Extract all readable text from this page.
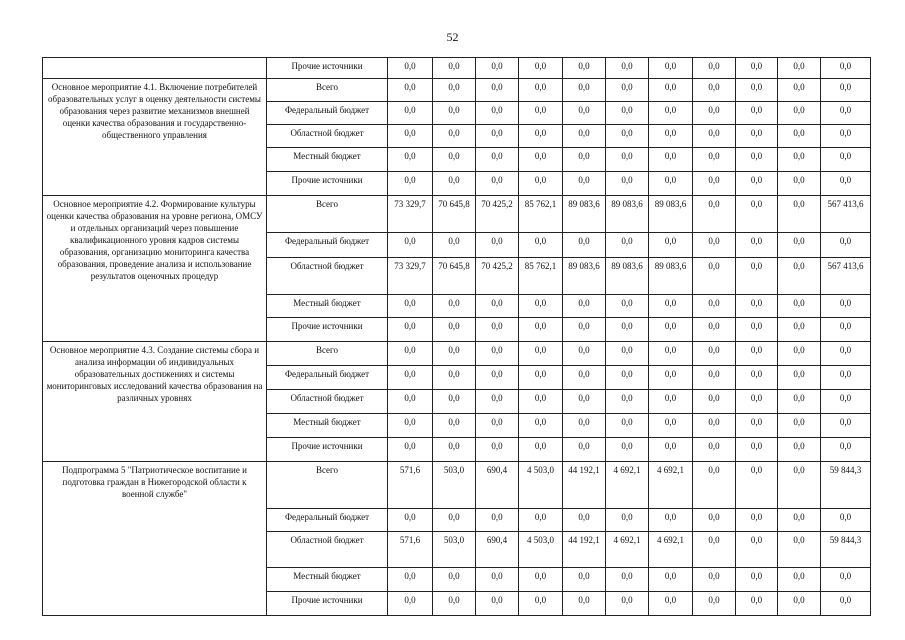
52
	Прочие источники	0,0	0,0	0,0	0,0	0,0	0,0	0,0	0,0	0,0	0,0	0,0
Основное мероприятие 4.1. Включение потребителей образовательных услуг в оценку деятельности системы образования через развитие механизмов внешней оценки качества образования и государственно-общественного управления	Всего	0,0	0,0	0,0	0,0	0,0	0,0	0,0	0,0	0,0	0,0	0,0
	Федеральный бюджет	0,0	0,0	0,0	0,0	0,0	0,0	0,0	0,0	0,0	0,0	0,0
	Областной бюджет	0,0	0,0	0,0	0,0	0,0	0,0	0,0	0,0	0,0	0,0	0,0
	Местный бюджет	0,0	0,0	0,0	0,0	0,0	0,0	0,0	0,0	0,0	0,0	0,0
	Прочие источники	0,0	0,0	0,0	0,0	0,0	0,0	0,0	0,0	0,0	0,0	0,0
Основное мероприятие 4.2. Формирование культуры оценки качества образования на уровне региона, ОМСУ и отдельных организаций через повышение квалификационного уровня кадров системы образования, организацию мониторинга качества образования, проведение анализа и использование результатов оценочных процедур	Всего	73 329,7	70 645,8	70 425,2	85 762,1	89 083,6	89 083,6	89 083,6	0,0	0,0	0,0	567 413,6
	Федеральный бюджет	0,0	0,0	0,0	0,0	0,0	0,0	0,0	0,0	0,0	0,0	0,0
	Областной бюджет	73 329,7	70 645,8	70 425,2	85 762,1	89 083,6	89 083,6	89 083,6	0,0	0,0	0,0	567 413,6
	Местный бюджет	0,0	0,0	0,0	0,0	0,0	0,0	0,0	0,0	0,0	0,0	0,0
	Прочие источники	0,0	0,0	0,0	0,0	0,0	0,0	0,0	0,0	0,0	0,0	0,0
Основное мероприятие 4.3. Создание системы сбора и анализа информации об индивидуальных образовательных достижениях и системы мониторинговых исследований качества образования на различных уровнях	Всего	0,0	0,0	0,0	0,0	0,0	0,0	0,0	0,0	0,0	0,0	0,0
	Федеральный бюджет	0,0	0,0	0,0	0,0	0,0	0,0	0,0	0,0	0,0	0,0	0,0
	Областной бюджет	0,0	0,0	0,0	0,0	0,0	0,0	0,0	0,0	0,0	0,0	0,0
	Местный бюджет	0,0	0,0	0,0	0,0	0,0	0,0	0,0	0,0	0,0	0,0	0,0
	Прочие источники	0,0	0,0	0,0	0,0	0,0	0,0	0,0	0,0	0,0	0,0	0,0
Подпрограмма 5 "Патриотическое воспитание и подготовка граждан в Нижегородской области к военной службе"	Всего	571,6	503,0	690,4	4 503,0	44 192,1	4 692,1	4 692,1	0,0	0,0	0,0	59 844,3
	Федеральный бюджет	0,0	0,0	0,0	0,0	0,0	0,0	0,0	0,0	0,0	0,0	0,0
	Областной бюджет	571,6	503,0	690,4	4 503,0	44 192,1	4 692,1	4 692,1	0,0	0,0	0,0	59 844,3
	Местный бюджет	0,0	0,0	0,0	0,0	0,0	0,0	0,0	0,0	0,0	0,0	0,0
	Прочие источники	0,0	0,0	0,0	0,0	0,0	0,0	0,0	0,0	0,0	0,0	0,0
